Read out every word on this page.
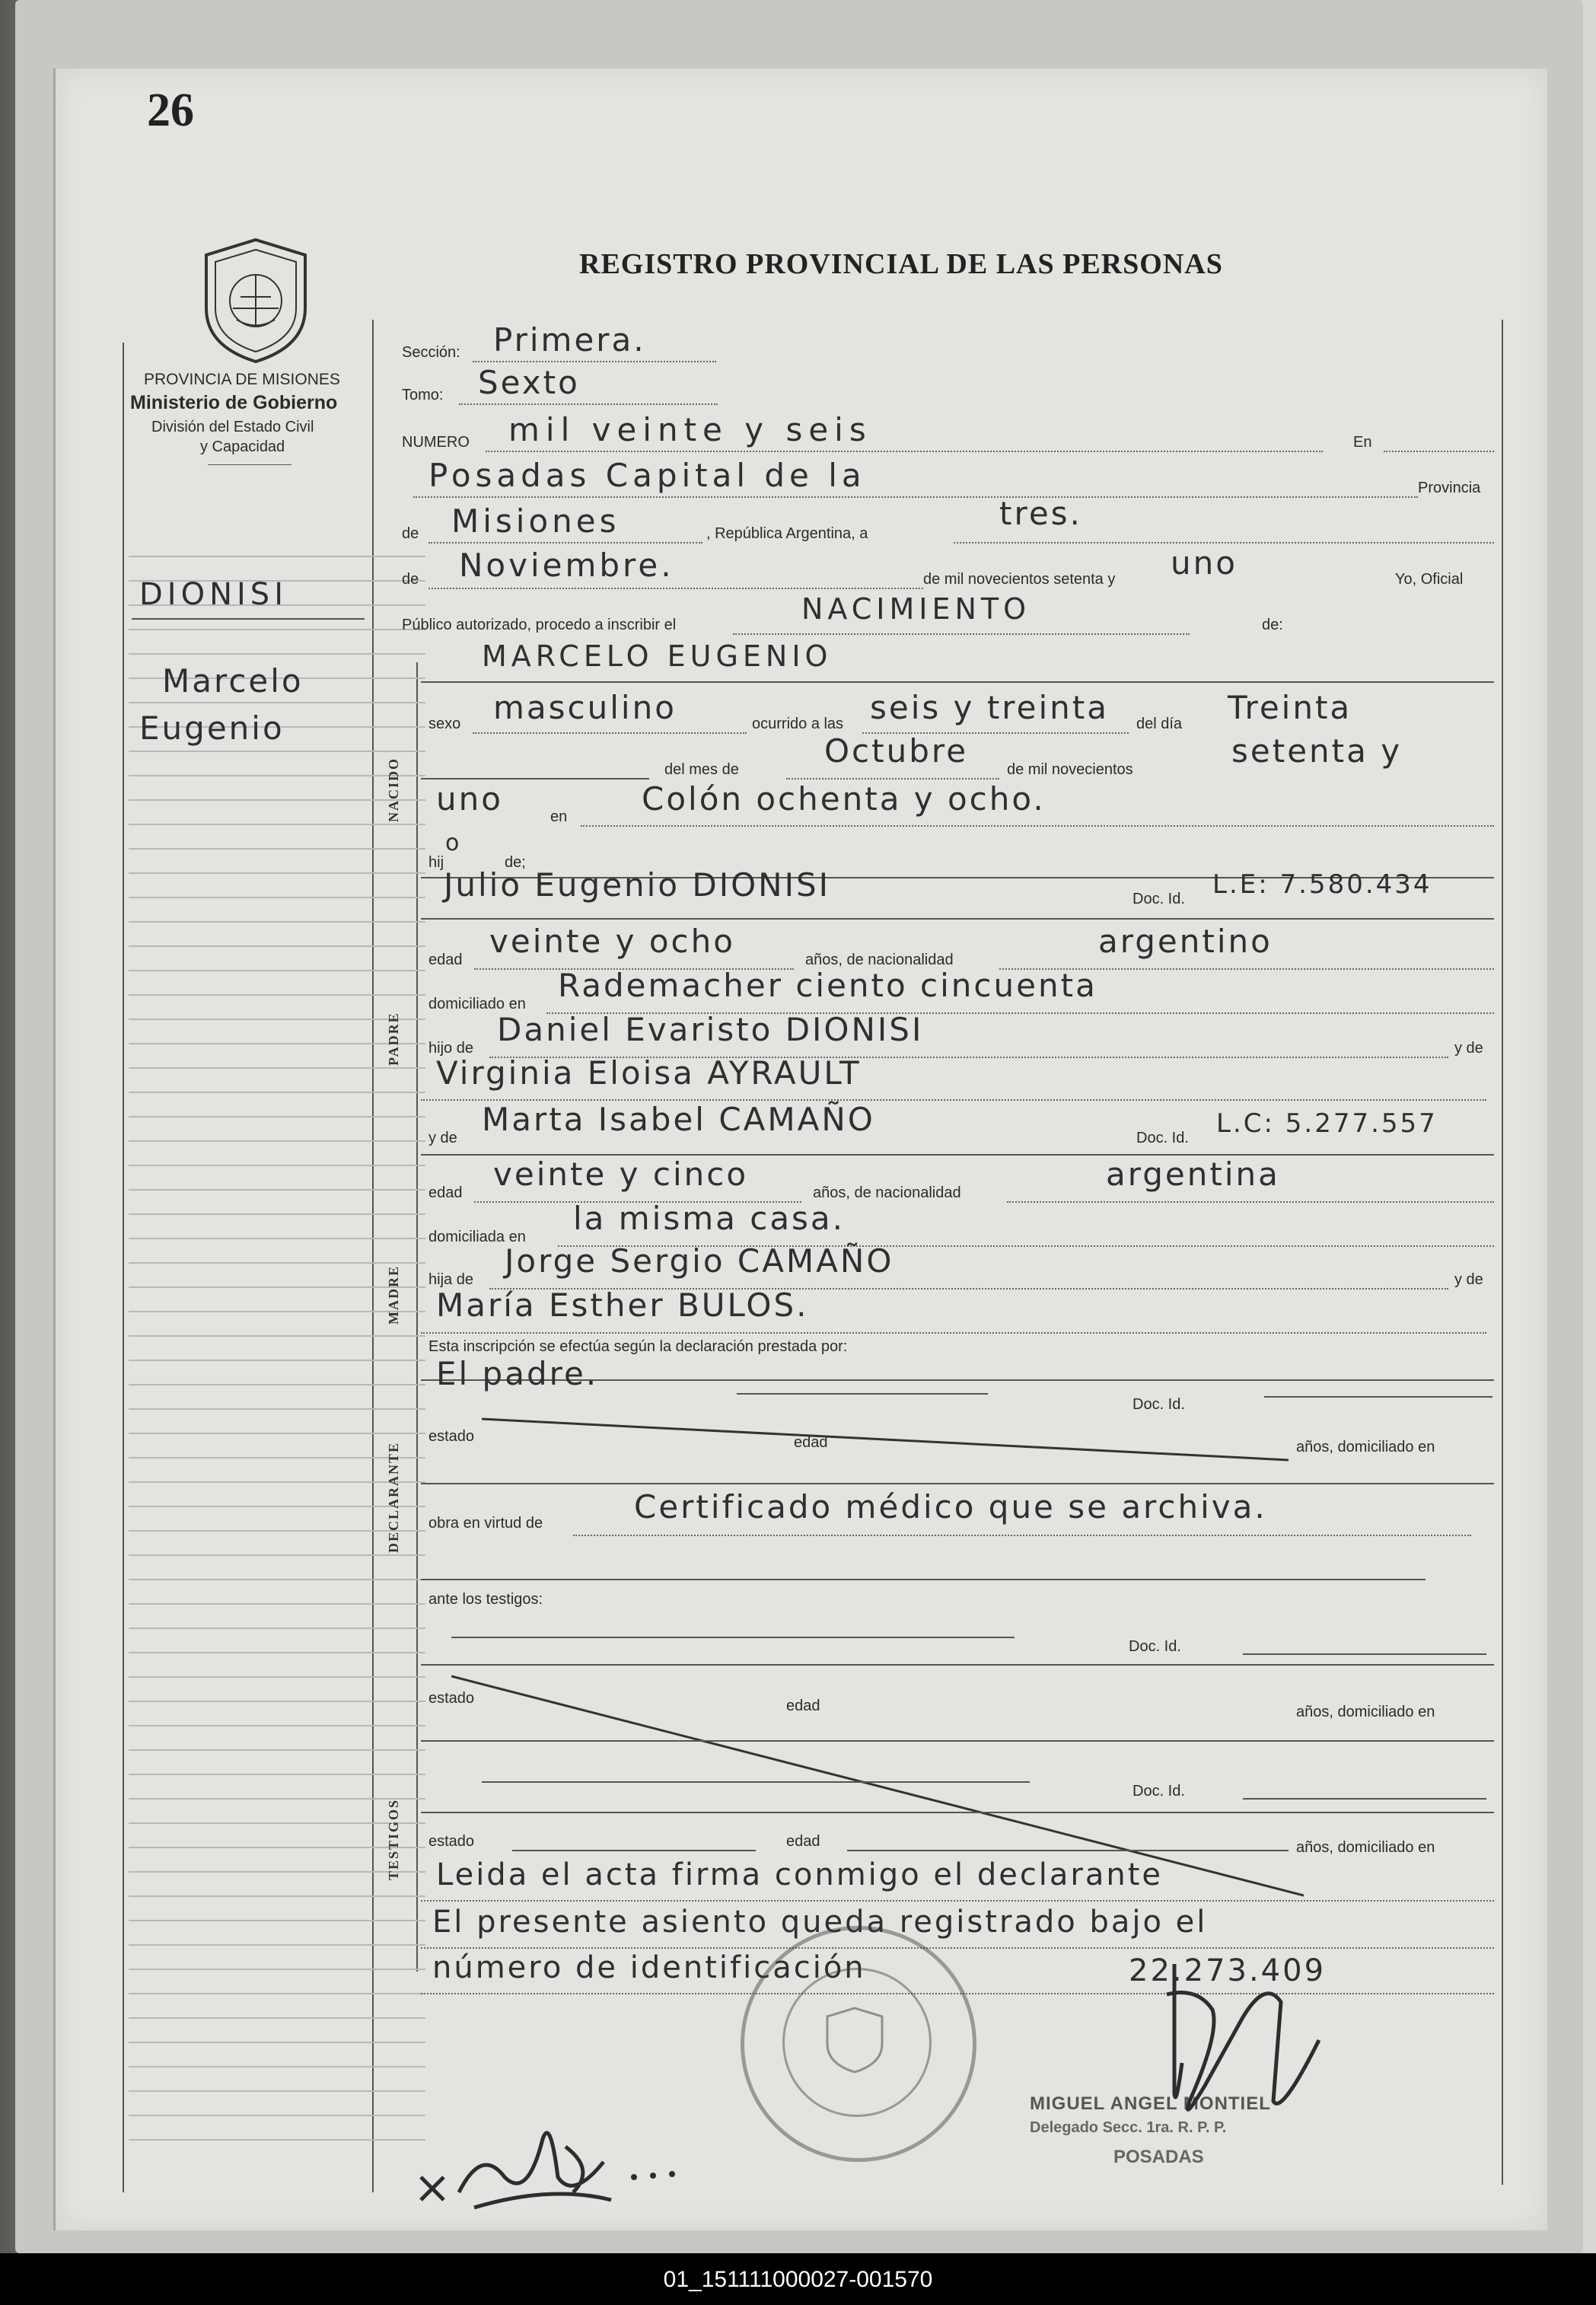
26
REGISTRO PROVINCIAL DE LAS PERSONAS
PROVINCIA DE MISIONES
Ministerio de Gobierno
División del Estado Civil
y Capacidad
DIONISI
Marcelo
Eugenio
Sección: Primera.
Tomo: Sexto
NUMERO mil veinte y seis	En
Posadas Capital de la	Provincia
de Misiones	, República Argentina, a
tres.
de Noviembre.	de mil novecientos setenta y uno	Yo, Oficial
Público autorizado, procedo a inscribir el	NACIMIENTO	de:
NACIDO
MARCELO EUGENIO
sexo masculino	ocurrido a las seis y treinta del día Treinta
del mes de	Octubre	de mil novecientos	setenta y
uno	en Colón ochenta y ocho.
hij
o
de;
PADRE
Julio Eugenio DIONISI	Doc. Id. L.E: 7.580.434
edad veinte y ocho	años, de nacionalidad	argentino
domiciliado en Rademacher ciento cincuenta
hijo de Daniel Evaristo DIONISI	y de
Virginia Eloisa AYRAULT
y de Marta Isabel CAMAÑO	Doc. Id. L.C: 5.277.557
MADRE
edad veinte y cinco	años, de nacionalidad	argentina
domiciliada en la misma casa.
hija de Jorge Sergio CAMAÑO	y de
María Esther BULOS.
Esta inscripción se efectúa según la declaración prestada por:
DECLARANTE
El padre.
Doc. Id.
estado	edad	años, domiciliado en
obra en virtud de	Certificado médico que se archiva.
ante los testigos:
Doc. Id.
TESTIGOS
estado	edad	años, domiciliado en
Doc. Id.
estado	edad	años, domiciliado en
Leida el acta firma conmigo el declarante
El presente asiento queda registrado bajo el
número de identificación	22.273.409
MIGUEL ANGEL MONTIEL
Delegado Secc. 1ra. R. P. P.
POSADAS
01_151111000027-001570
